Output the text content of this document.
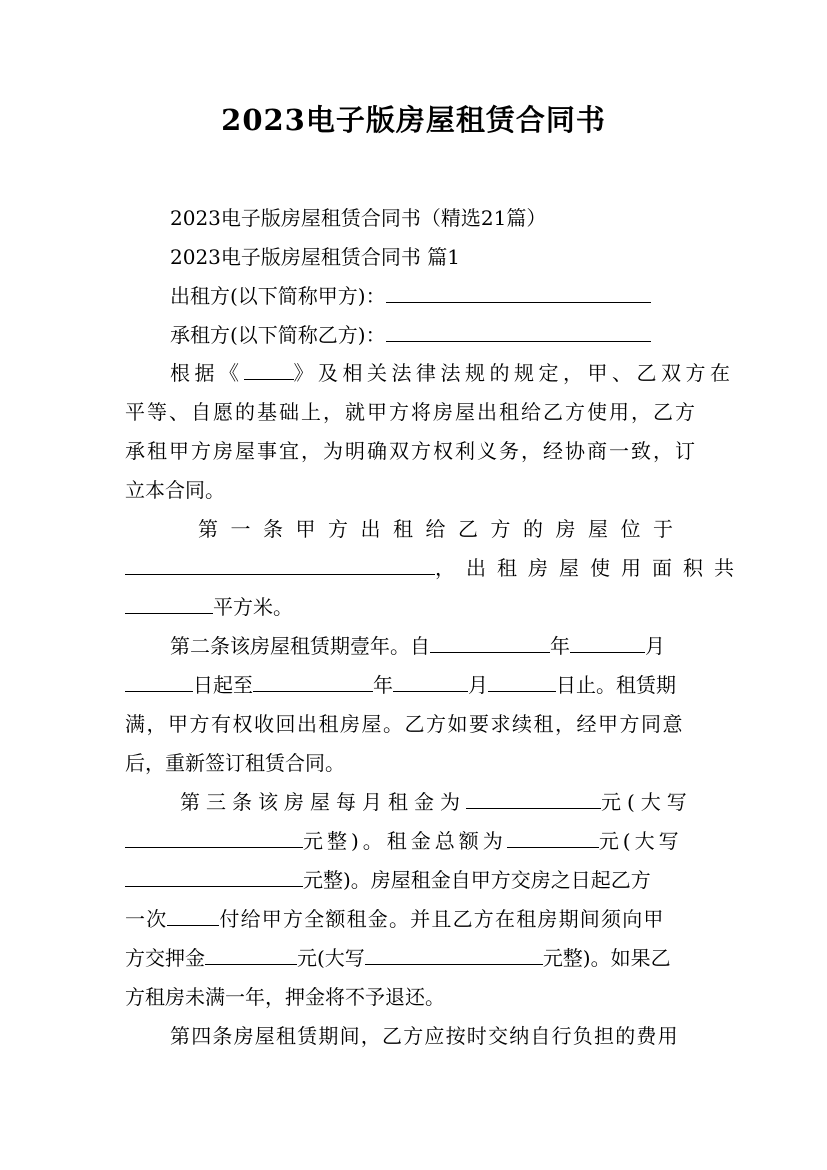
2023电子版房屋租赁合同书
2023电子版房屋租赁合同书（精选21篇）
2023电子版房屋租赁合同书 篇1
出租方(以下简称甲方)：
承租方(以下简称乙方)：
根据《	》及相关法律法规的规定，甲、乙双方在
平等、自愿的基础上，就甲方将房屋出租给乙方使用，乙方
承租甲方房屋事宜，为明确双方权利义务，经协商一致，订
立本合同。
第一条甲方出租给乙方的房屋位于
，出租房屋使用面积共
平方米。
第二条该房屋租赁期壹年。自	年	月
日起至	年	月	日止。租赁期
满，甲方有权收回出租房屋。乙方如要求续租，经甲方同意
后，重新签订租赁合同。
第三条该房屋每月租金为	元(大写
元整)。租金总额为	元(大写
元整)。房屋租金自甲方交房之日起乙方
一次	付给甲方全额租金。并且乙方在租房期间须向甲
方交押金	元(大写	元整)。如果乙
方租房未满一年，押金将不予退还。
第四条房屋租赁期间，乙方应按时交纳自行负担的费用
